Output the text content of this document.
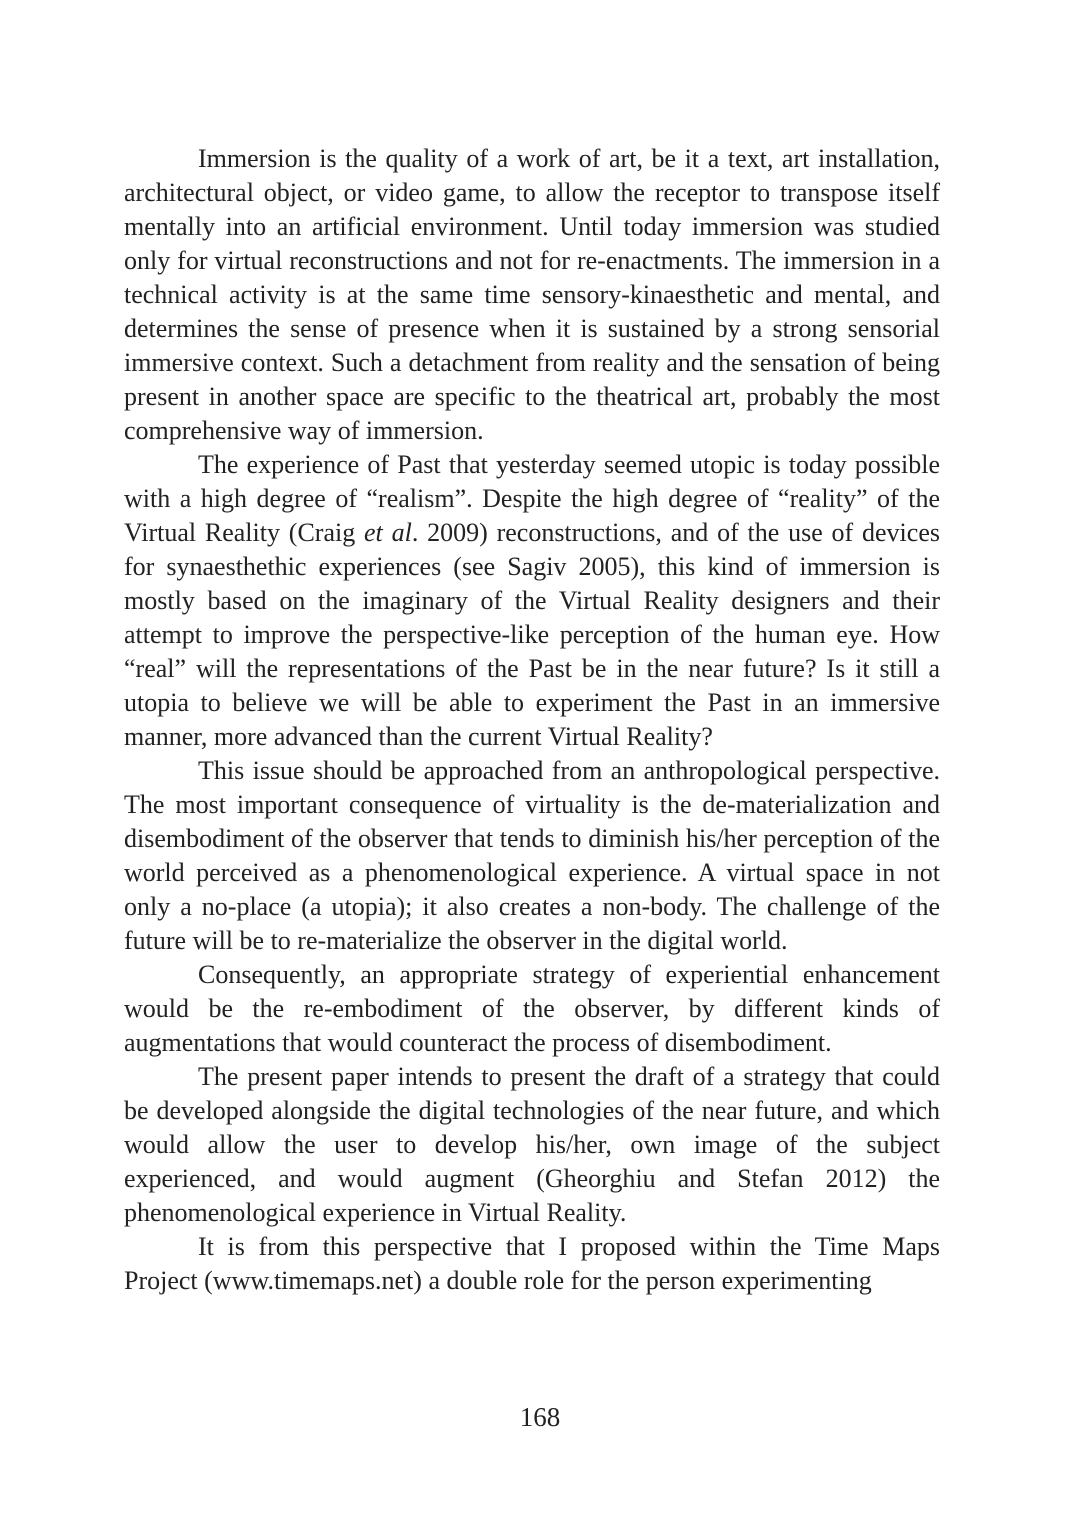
Immersion is the quality of a work of art, be it a text, art installation, architectural object, or video game, to allow the receptor to transpose itself mentally into an artificial environment. Until today immersion was studied only for virtual reconstructions and not for re-enactments. The immersion in a technical activity is at the same time sensory-kinaesthetic and mental, and determines the sense of presence when it is sustained by a strong sensorial immersive context. Such a detachment from reality and the sensation of being present in another space are specific to the theatrical art, probably the most comprehensive way of immersion.

The experience of Past that yesterday seemed utopic is today possible with a high degree of “realism”. Despite the high degree of “reality” of the Virtual Reality (Craig et al. 2009) reconstructions, and of the use of devices for synaesthethic experiences (see Sagiv 2005), this kind of immersion is mostly based on the imaginary of the Virtual Reality designers and their attempt to improve the perspective-like perception of the human eye. How “real” will the representations of the Past be in the near future? Is it still a utopia to believe we will be able to experiment the Past in an immersive manner, more advanced than the current Virtual Reality?

This issue should be approached from an anthropological perspective. The most important consequence of virtuality is the de-materialization and disembodiment of the observer that tends to diminish his/her perception of the world perceived as a phenomenological experience. A virtual space in not only a no-place (a utopia); it also creates a non-body. The challenge of the future will be to re-materialize the observer in the digital world.

Consequently, an appropriate strategy of experiential enhancement would be the re-embodiment of the observer, by different kinds of augmentations that would counteract the process of disembodiment.

The present paper intends to present the draft of a strategy that could be developed alongside the digital technologies of the near future, and which would allow the user to develop his/her, own image of the subject experienced, and would augment (Gheorghiu and Stefan 2012) the phenomenological experience in Virtual Reality.

It is from this perspective that I proposed within the Time Maps Project (www.timemaps.net) a double role for the person experimenting

168
